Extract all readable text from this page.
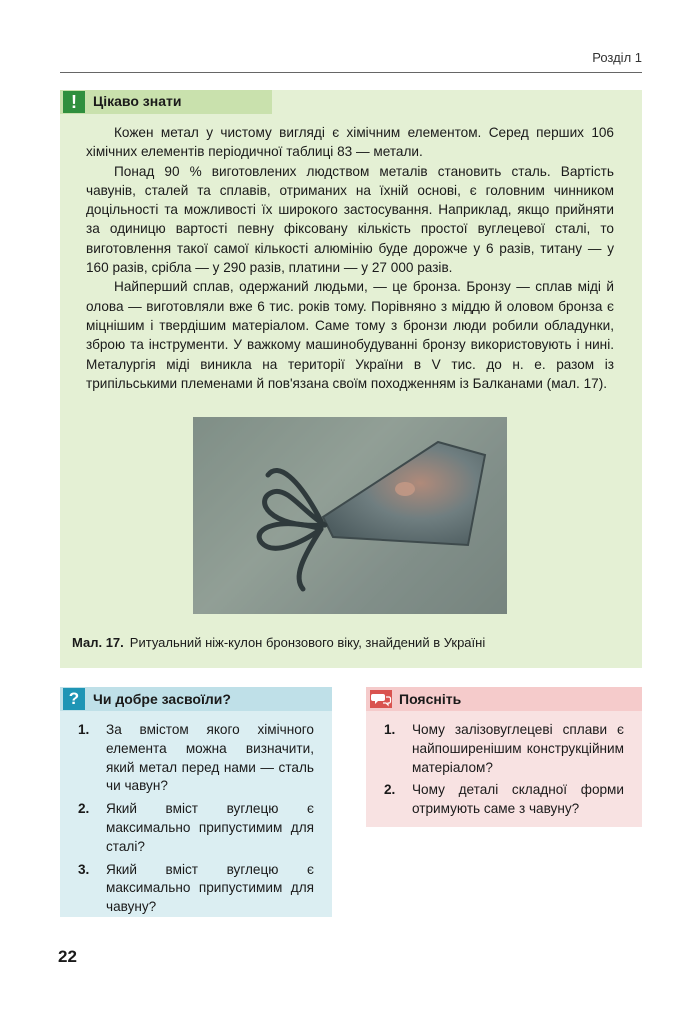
Розділ 1
!	Цікаво знати

Кожен метал у чистому вигляді є хімічним елементом. Серед перших 106 хімічних елементів періодичної таблиці 83 — метали.

Понад 90 % виготовлених людством металів становить сталь. Вартість чавунів, сталей та сплавів, отриманих на їхній основі, є головним чинником доцільності та можливості їх широкого застосування. Наприклад, якщо прийняти за одиницю вартості певну фіксовану кількість простої вуглецевої сталі, то виготовлення такої самої кількості алюмінію буде дорожче у 6 разів, титану — у 160 разів, срібла — у 290 разів, платини — у 27 000 разів.

Найперший сплав, одержаний людьми, — це бронза. Бронзу — сплав міді й олова — виготовляли вже 6 тис. років тому. Порівняно з міддю й оловом бронза є міцнішим і твердішим матеріалом. Саме тому з бронзи люди робили обладунки, зброю та інструменти. У важкому машинобудуванні бронзу використовують і нині. Металургія міді виникла на території України в V тис. до н. е. разом із трипільськими племенами й пов'язана своїм походженням із Балканами (мал. 17).

Мал. 17. Ритуальний ніж-кулон бронзового віку, знайдений в Україні
? Чи добре засвоїли?
1. За вмістом якого хімічного елемента можна визначити, який метал перед нами — сталь чи чавун?
2. Який вміст вуглецю є максимально припустимим для сталі?
3. Який вміст вуглецю є максимально припустимим для чавуну?
Поясніть
1. Чому залізовуглецеві сплави є найпоширенішим конструкційним матеріалом?
2. Чому деталі складної форми отримують саме з чавуну?
22
